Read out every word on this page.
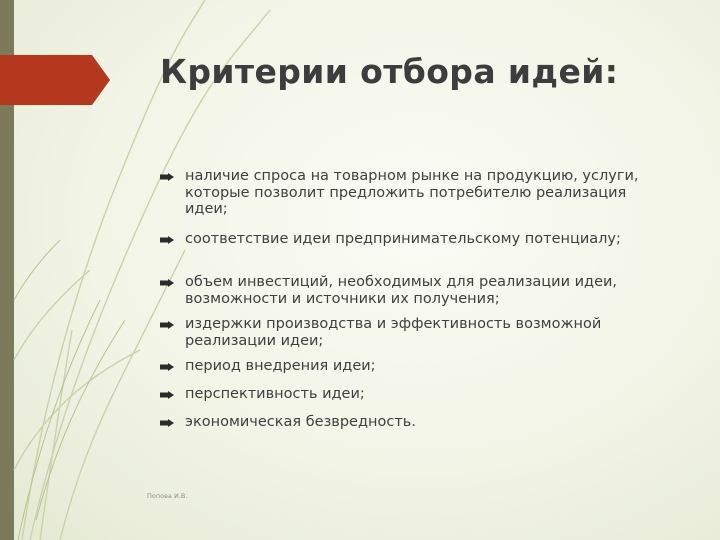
Критерии отбора идей:
наличие спроса на товарном рынке на продукцию, услуги, которые позволит предложить потребителю реализация идеи;
соответствие идеи предпринимательскому потенциалу;
объем инвестиций, необходимых для реализации идеи, возможности и источники их получения;
издержки производства и эффективность возможной реализации идеи;
период внедрения идеи;
перспективность идеи;
экономическая безвредность.
Попова И.В.
